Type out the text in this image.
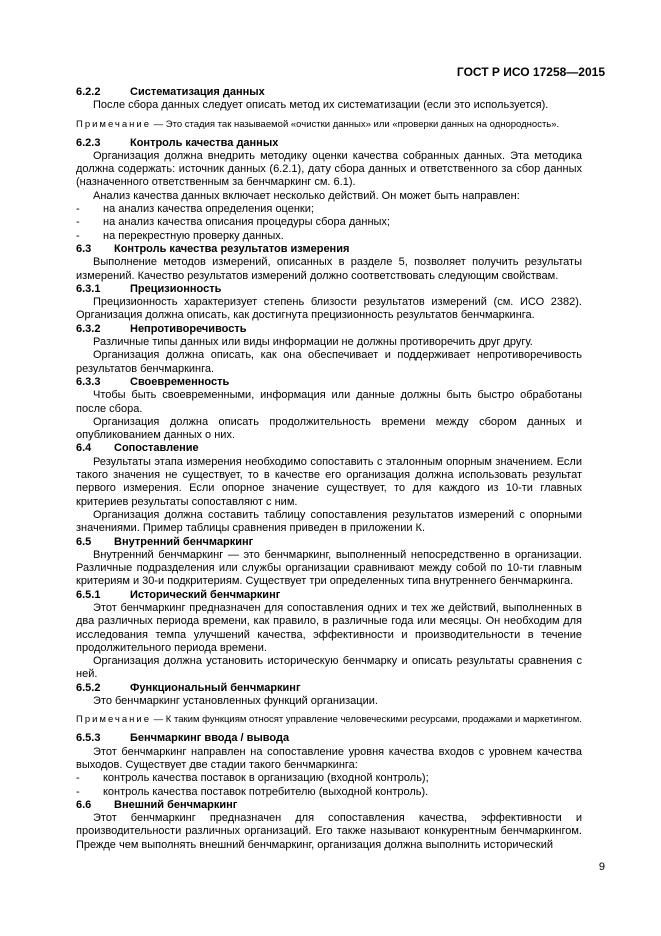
ГОСТ Р ИСО 17258—2015
6.2.2	Систематизация данных

После сбора данных следует описать метод их систематизации (если это используется).

Примечание — Это стадия так называемой «очистки данных» или «проверки данных на однородность».

6.2.3	Контроль качества данных

Организация должна внедрить методику оценки качества собранных данных. Эта методика должна содержать: источник данных (6.2.1), дату сбора данных и ответственного за сбор данных (назначенного ответственным за бенчмаркинг см. 6.1).

Анализ качества данных включает несколько действий. Он может быть направлен:

-	на анализ качества определения оценки;
-	на анализ качества описания процедуры сбора данных;
-	на перекрестную проверку данных.
6.3 Контроль качества результатов измерения

Выполнение методов измерений, описанных в разделе 5, позволяет получить результаты измерений. Качество результатов измерений должно соответствовать следующим свойствам.

6.3.1	Прецизионность

Прецизионность характеризует степень близости результатов измерений (см. ИСО 2382). Организация должна описать, как достигнута прецизионность результатов бенчмаркинга.

6.3.2	Непротиворечивость

Различные типы данных или виды информации не должны противоречить друг другу.

Организация должна описать, как она обеспечивает и поддерживает непротиворечивость результатов бенчмаркинга.

6.3.3	Своевременность

Чтобы быть своевременными, информация или данные должны быть быстро обработаны после сбора.

Организация должна описать продолжительность времени между сбором данных и опубликованием данных о них.

6.4 Сопоставление

Результаты этапа измерения необходимо сопоставить с эталонным опорным значением. Если такого значения не существует, то в качестве его организация должна использовать результат первого измерения. Если опорное значение существует, то для каждого из 10-ти главных критериев результаты сопоставляют с ним.

Организация должна составить таблицу сопоставления результатов измерений с опорными значениями. Пример таблицы сравнения приведен в приложении К.

6.5 Внутренний бенчмаркинг

Внутренний бенчмаркинг — это бенчмаркинг, выполненный непосредственно в организации. Различные подразделения или службы организации сравнивают между собой по 10-ти главным критериям и 30-и подкритериям. Существует три определенных типа внутреннего бенчмаркинга.

6.5.1	Исторический бенчмаркинг

Этот бенчмаркинг предназначен для сопоставления одних и тех же действий, выполненных в два различных периода времени, как правило, в различные года или месяцы. Он необходим для исследования темпа улучшений качества, эффективности и производительности в течение продолжительного периода времени.

Организация должна установить историческую бенчмарку и описать результаты сравнения с ней.

6.5.2	Функциональный бенчмаркинг

Это бенчмаркинг установленных функций организации.

Примечание — К таким функциям относят управление человеческими ресурсами, продажами и маркетингом.

6.5.3	Бенчмаркинг ввода / вывода

Этот бенчмаркинг направлен на сопоставление уровня качества входов с уровнем качества выходов. Существует две стадии такого бенчмаркинга:

-	контроль качества поставок в организацию (входной контроль);
-	контроль качества поставок потребителю (выходной контроль).
6.6 Внешний бенчмаркинг

Этот бенчмаркинг предназначен для сопоставления качества, эффективности и производительности различных организаций. Его также называют конкурентным бенчмаркингом. Прежде чем выполнять внешний бенчмаркинг, организация должна выполнить исторический

9
